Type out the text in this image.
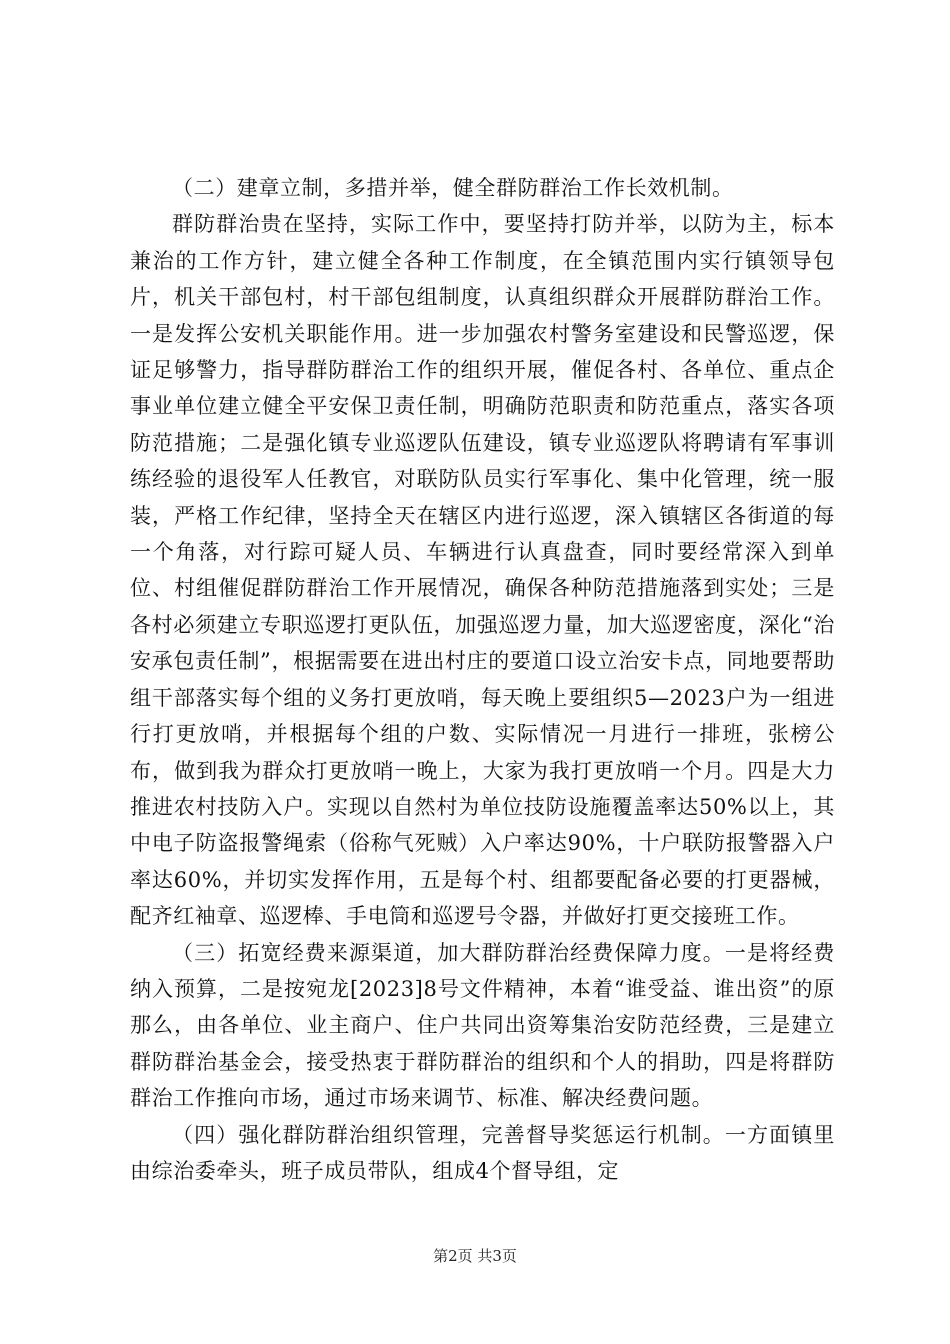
（二）建章立制，多措并举，健全群防群治工作长效机制。

群防群治贵在坚持，实际工作中，要坚持打防并举，以防为主，标本兼治的工作方针，建立健全各种工作制度，在全镇范围内实行镇领导包片，机关干部包村，村干部包组制度，认真组织群众开展群防群治工作。一是发挥公安机关职能作用。进一步加强农村警务室建设和民警巡逻，保证足够警力，指导群防群治工作的组织开展，催促各村、各单位、重点企事业单位建立健全平安保卫责任制，明确防范职责和防范重点，落实各项防范措施；二是强化镇专业巡逻队伍建设，镇专业巡逻队将聘请有军事训练经验的退役军人任教官，对联防队员实行军事化、集中化管理，统一服装，严格工作纪律，坚持全天在辖区内进行巡逻，深入镇辖区各街道的每一个角落，对行踪可疑人员、车辆进行认真盘查，同时要经常深入到单位、村组催促群防群治工作开展情况，确保各种防范措施落到实处；三是各村必须建立专职巡逻打更队伍，加强巡逻力量，加大巡逻密度，深化“治安承包责任制”，根据需要在进出村庄的要道口设立治安卡点，同地要帮助组干部落实每个组的义务打更放哨，每天晚上要组织5—2023户为一组进行打更放哨，并根据每个组的户数、实际情况一月进行一排班，张榜公布，做到我为群众打更放哨一晚上，大家为我打更放哨一个月。四是大力推进农村技防入户。实现以自然村为单位技防设施覆盖率达50%以上，其中电子防盗报警绳索（俗称气死贼）入户率达90%，十户联防报警器入户率达60%，并切实发挥作用，五是每个村、组都要配备必要的打更器械，配齐红袖章、巡逻棒、手电筒和巡逻号令器，并做好打更交接班工作。

（三）拓宽经费来源渠道，加大群防群治经费保障力度。一是将经费纳入预算，二是按宛龙[2023]8号文件精神，本着“谁受益、谁出资”的原那么，由各单位、业主商户、住户共同出资筹集治安防范经费，三是建立群防群治基金会，接受热衷于群防群治的组织和个人的捐助，四是将群防群治工作推向市场，通过市场来调节、标准、解决经费问题。

（四）强化群防群治组织管理，完善督导奖惩运行机制。一方面镇里由综治委牵头，班子成员带队，组成4个督导组，定

第2页 共3页
